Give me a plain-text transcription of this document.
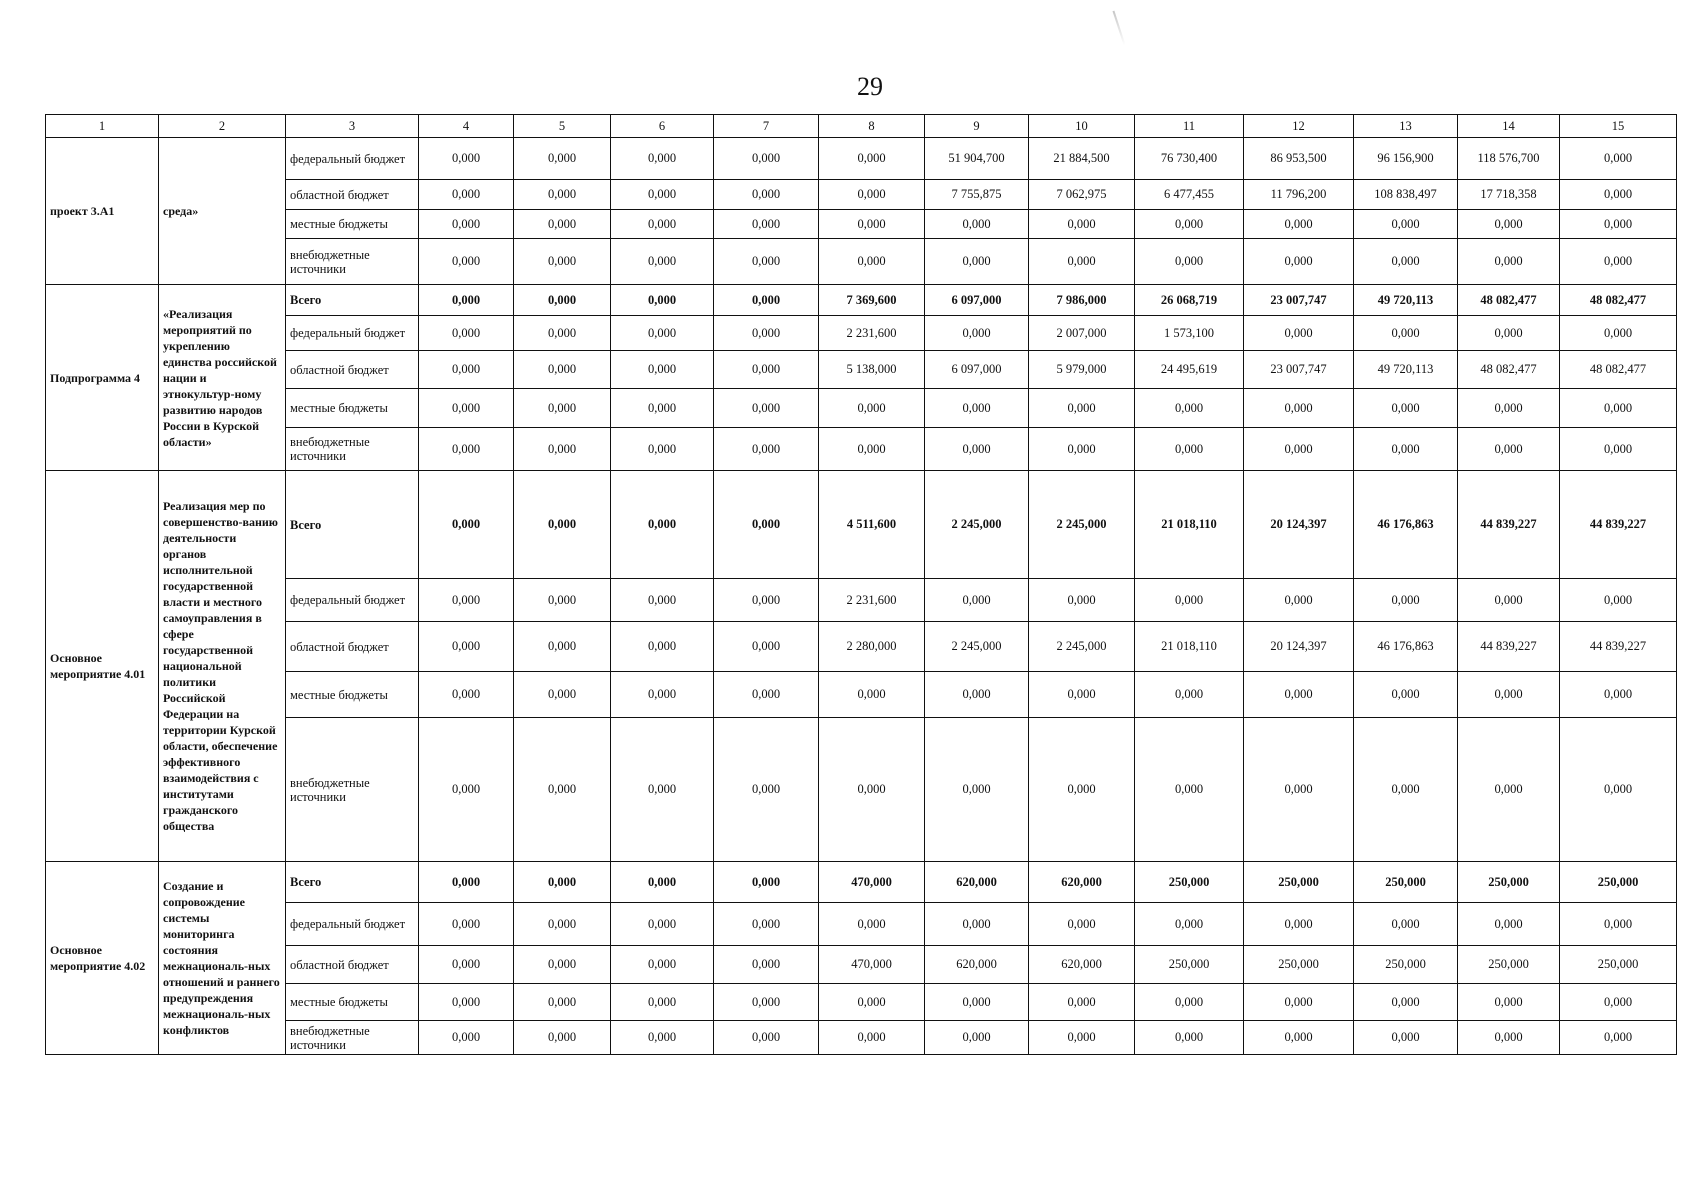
29
1	2	3	4	5	6	7	8	9	10	11	12	13	14	15
проект 3.А1	среда»	федеральный бюджет	0,000	0,000	0,000	0,000	0,000	51 904,700	21 884,500	76 730,400	86 953,500	96 156,900	118 576,700	0,000
		областной бюджет	0,000	0,000	0,000	0,000	0,000	7 755,875	7 062,975	6 477,455	11 796,200	108 838,497	17 718,358	0,000
		местные бюджеты	0,000	0,000	0,000	0,000	0,000	0,000	0,000	0,000	0,000	0,000	0,000	0,000
		внебюджетные источники	0,000	0,000	0,000	0,000	0,000	0,000	0,000	0,000	0,000	0,000	0,000	0,000
Подпрограмма 4	«Реализация мероприятий по укреплению единства российской нации и этнокультур-ному развитию народов России в Курской области»	Всего	0,000	0,000	0,000	0,000	7 369,600	6 097,000	7 986,000	26 068,719	23 007,747	49 720,113	48 082,477	48 082,477
		федеральный бюджет	0,000	0,000	0,000	0,000	2 231,600	0,000	2 007,000	1 573,100	0,000	0,000	0,000	0,000
		областной бюджет	0,000	0,000	0,000	0,000	5 138,000	6 097,000	5 979,000	24 495,619	23 007,747	49 720,113	48 082,477	48 082,477
		местные бюджеты	0,000	0,000	0,000	0,000	0,000	0,000	0,000	0,000	0,000	0,000	0,000	0,000
		внебюджетные источники	0,000	0,000	0,000	0,000	0,000	0,000	0,000	0,000	0,000	0,000	0,000	0,000
Основное мероприятие 4.01	Реализация мер по совершенство-ванию деятельности органов исполнительной государственной власти и местного самоуправления в сфере государственной национальной политики Российской Федерации на территории Курской области, обеспечение эффективного взаимодействия с институтами гражданского общества	Всего	0,000	0,000	0,000	0,000	4 511,600	2 245,000	2 245,000	21 018,110	20 124,397	46 176,863	44 839,227	44 839,227
		федеральный бюджет	0,000	0,000	0,000	0,000	2 231,600	0,000	0,000	0,000	0,000	0,000	0,000	0,000
		областной бюджет	0,000	0,000	0,000	0,000	2 280,000	2 245,000	2 245,000	21 018,110	20 124,397	46 176,863	44 839,227	44 839,227
		местные бюджеты	0,000	0,000	0,000	0,000	0,000	0,000	0,000	0,000	0,000	0,000	0,000	0,000
		внебюджетные источники	0,000	0,000	0,000	0,000	0,000	0,000	0,000	0,000	0,000	0,000	0,000	0,000
Основное мероприятие 4.02	Создание и сопровождение системы мониторинга состояния межнациональ-ных отношений и раннего предупреждения межнациональ-ных конфликтов	Всего	0,000	0,000	0,000	0,000	470,000	620,000	620,000	250,000	250,000	250,000	250,000	250,000
		федеральный бюджет	0,000	0,000	0,000	0,000	0,000	0,000	0,000	0,000	0,000	0,000	0,000	0,000
		областной бюджет	0,000	0,000	0,000	0,000	470,000	620,000	620,000	250,000	250,000	250,000	250,000	250,000
		местные бюджеты	0,000	0,000	0,000	0,000	0,000	0,000	0,000	0,000	0,000	0,000	0,000	0,000
		внебюджетные источники	0,000	0,000	0,000	0,000	0,000	0,000	0,000	0,000	0,000	0,000	0,000	0,000
